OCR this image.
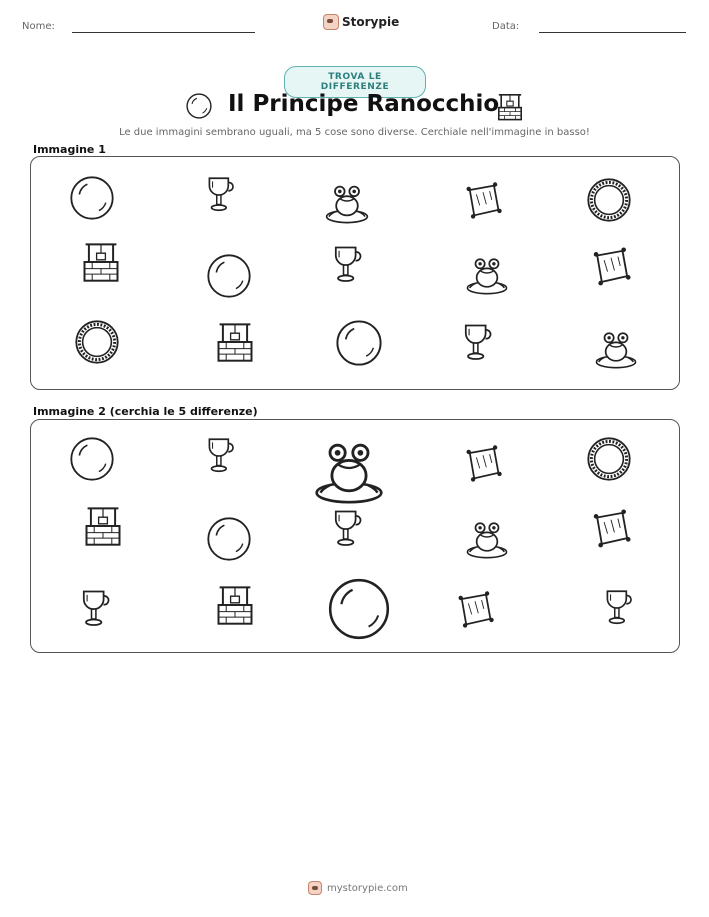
Nome:	Storypie	Data:
TROVA LE DIFFERENZE
Il Principe Ranocchio
Le due immagini sembrano uguali, ma 5 cose sono diverse. Cerchiale nell'immagine in basso!
Immagine 1
Immagine 2 (cerchia le 5 differenze)
mystorypie.com
